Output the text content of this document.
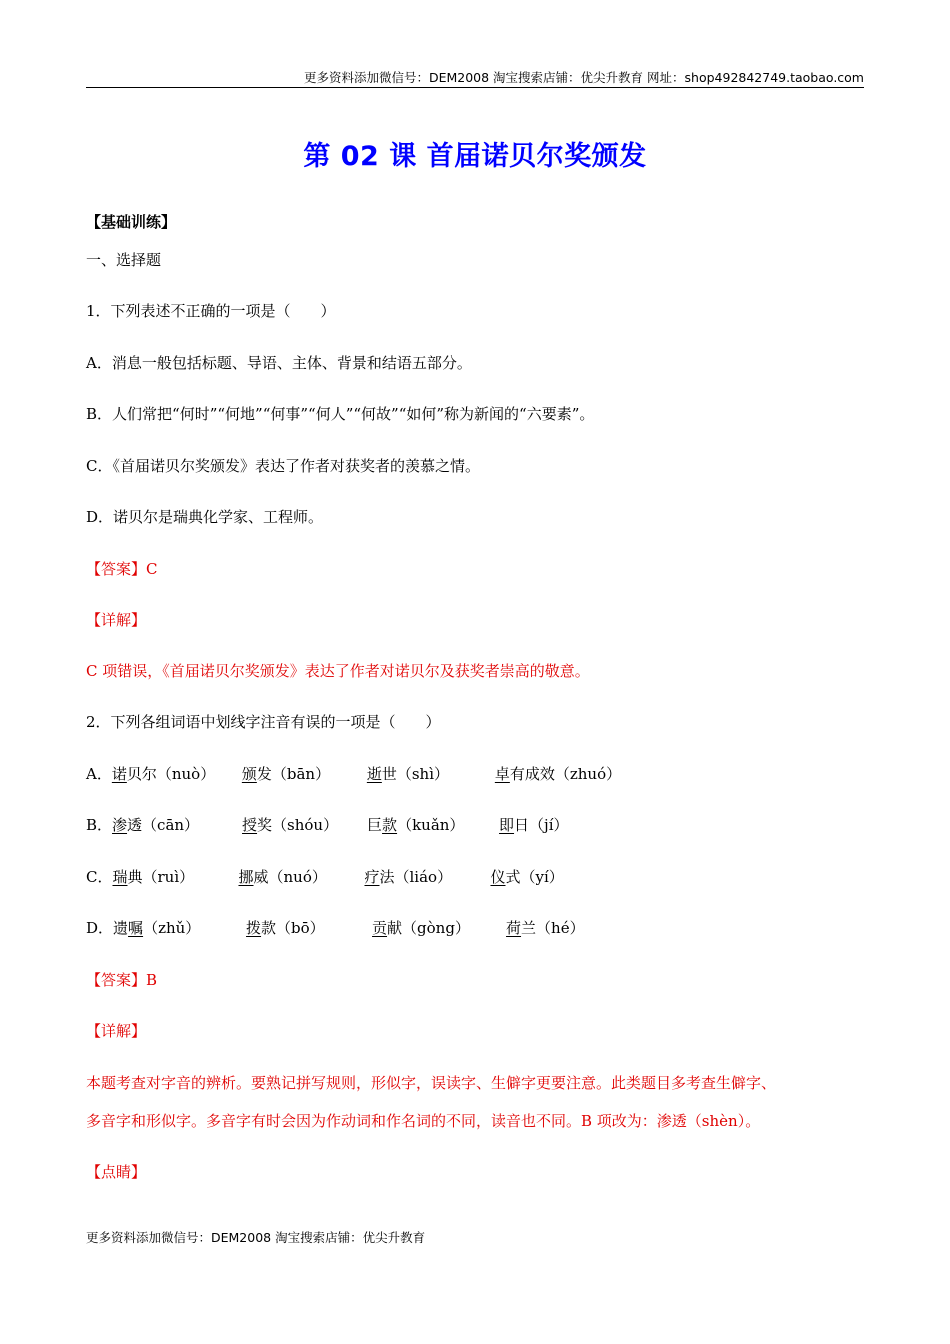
更多资料添加微信号：DEM2008 淘宝搜索店铺：优尖升教育 网址：shop492842749.taobao.com
第 02 课 首届诺贝尔奖颁发
【基础训练】
一、选择题
1．下列表述不正确的一项是（　　）
A．消息一般包括标题、导语、主体、背景和结语五部分。
B．人们常把“何时”“何地”“何事”“何人”“何故”“如何”称为新闻的“六要素”。
C．《首届诺贝尔奖颁发》表达了作者对获奖者的羡慕之情。
D．诺贝尔是瑞典化学家、工程师。
【答案】C
【详解】
C 项错误，《首届诺贝尔奖颁发》表达了作者对诺贝尔及获奖者崇高的敬意。
2．下列各组词语中划线字注音有误的一项是（　　）
A．诺贝尔（nuò） 颁发（bān） 逝世（shì）	卓有成效（zhuó）
B．渗透（cān）	授奖（shóu） 巨款（kuǎn） 即日（jí）
C．瑞典（ruì）	挪威（nuó）	疗法（liáo）	仪式（yí）
D．遗嘱（zhǔ）	拨款（bō）	贡献（gòng） 荷兰（hé）
【答案】B
【详解】
本题考查对字音的辨析。要熟记拼写规则，形似字，误读字、生僻字更要注意。此类题目多考查生僻字、
多音字和形似字。多音字有时会因为作动词和作名词的不同，读音也不同。B 项改为：渗透（shèn）。
【点睛】
更多资料添加微信号：DEM2008 淘宝搜索店铺：优尖升教育
